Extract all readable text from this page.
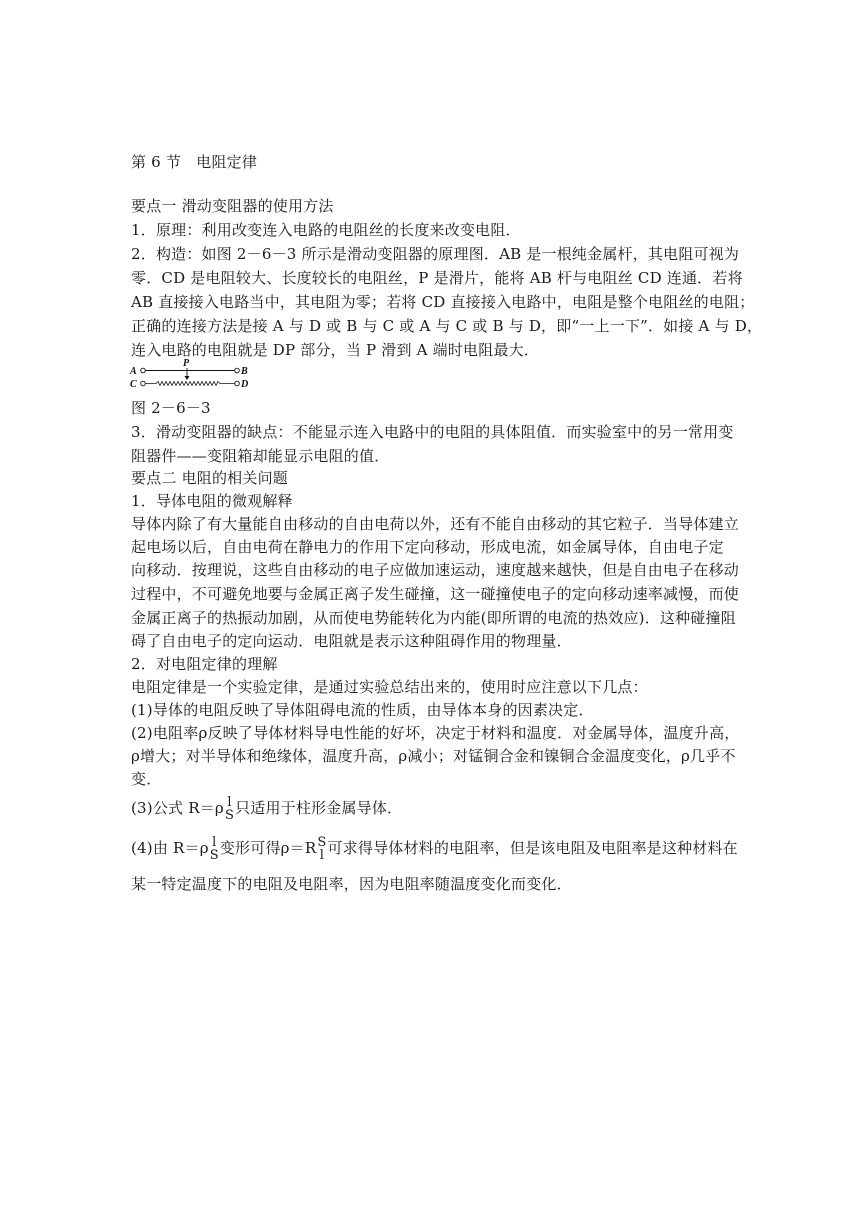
第 6 节　电阻定律
要点一 滑动变阻器的使用方法
1．原理：利用改变连入电路的电阻丝的长度来改变电阻．
2．构造：如图 2－6－3 所示是滑动变阻器的原理图．AB 是一根纯金属杆，其电阻可视为
零．CD 是电阻较大、长度较长的电阻丝，P 是滑片，能将 AB 杆与电阻丝 CD 连通．若将
AB 直接接入电路当中，其电阻为零；若将 CD 直接接入电路中，电阻是整个电阻丝的电阻；
正确的连接方法是接 A 与 D 或 B 与 C 或 A 与 C 或 B 与 D，即“一上一下”．如接 A 与 D，
连入电路的电阻就是 DP 部分，当 P 滑到 A 端时电阻最大．
A	B
P
C	D
图 2－6－3
3．滑动变阻器的缺点：不能显示连入电路中的电阻的具体阻值．而实验室中的另一常用变
阻器件——变阻箱却能显示电阻的值．
要点二 电阻的相关问题
1．导体电阻的微观解释
导体内除了有大量能自由移动的自由电荷以外，还有不能自由移动的其它粒子．当导体建立
起电场以后，自由电荷在静电力的作用下定向移动，形成电流，如金属导体，自由电子定
向移动．按理说，这些自由移动的电子应做加速运动，速度越来越快，但是自由电子在移动
过程中，不可避免地要与金属正离子发生碰撞，这一碰撞使电子的定向移动速率减慢，而使
金属正离子的热振动加剧，从而使电势能转化为内能(即所谓的电流的热效应)．这种碰撞阻
碍了自由电子的定向运动．电阻就是表示这种阻碍作用的物理量．
2．对电阻定律的理解
电阻定律是一个实验定律，是通过实验总结出来的，使用时应注意以下几点：
(1)导体的电阻反映了导体阻碍电流的性质，由导体本身的因素决定．
(2)电阻率ρ反映了导体材料导电性能的好坏，决定于材料和温度．对金属导体，温度升高，
ρ增大；对半导体和绝缘体，温度升高，ρ减小；对锰铜合金和镍铜合金温度变化，ρ几乎不
变．
(3)公式 R＝ρ l
S 只适用于柱形金属导体．
(4)由 R＝ρ l
S 变形可得ρ＝R S
l 可求得导体材料的电阻率，但是该电阻及电阻率是这种材料在
某一特定温度下的电阻及电阻率，因为电阻率随温度变化而变化．
